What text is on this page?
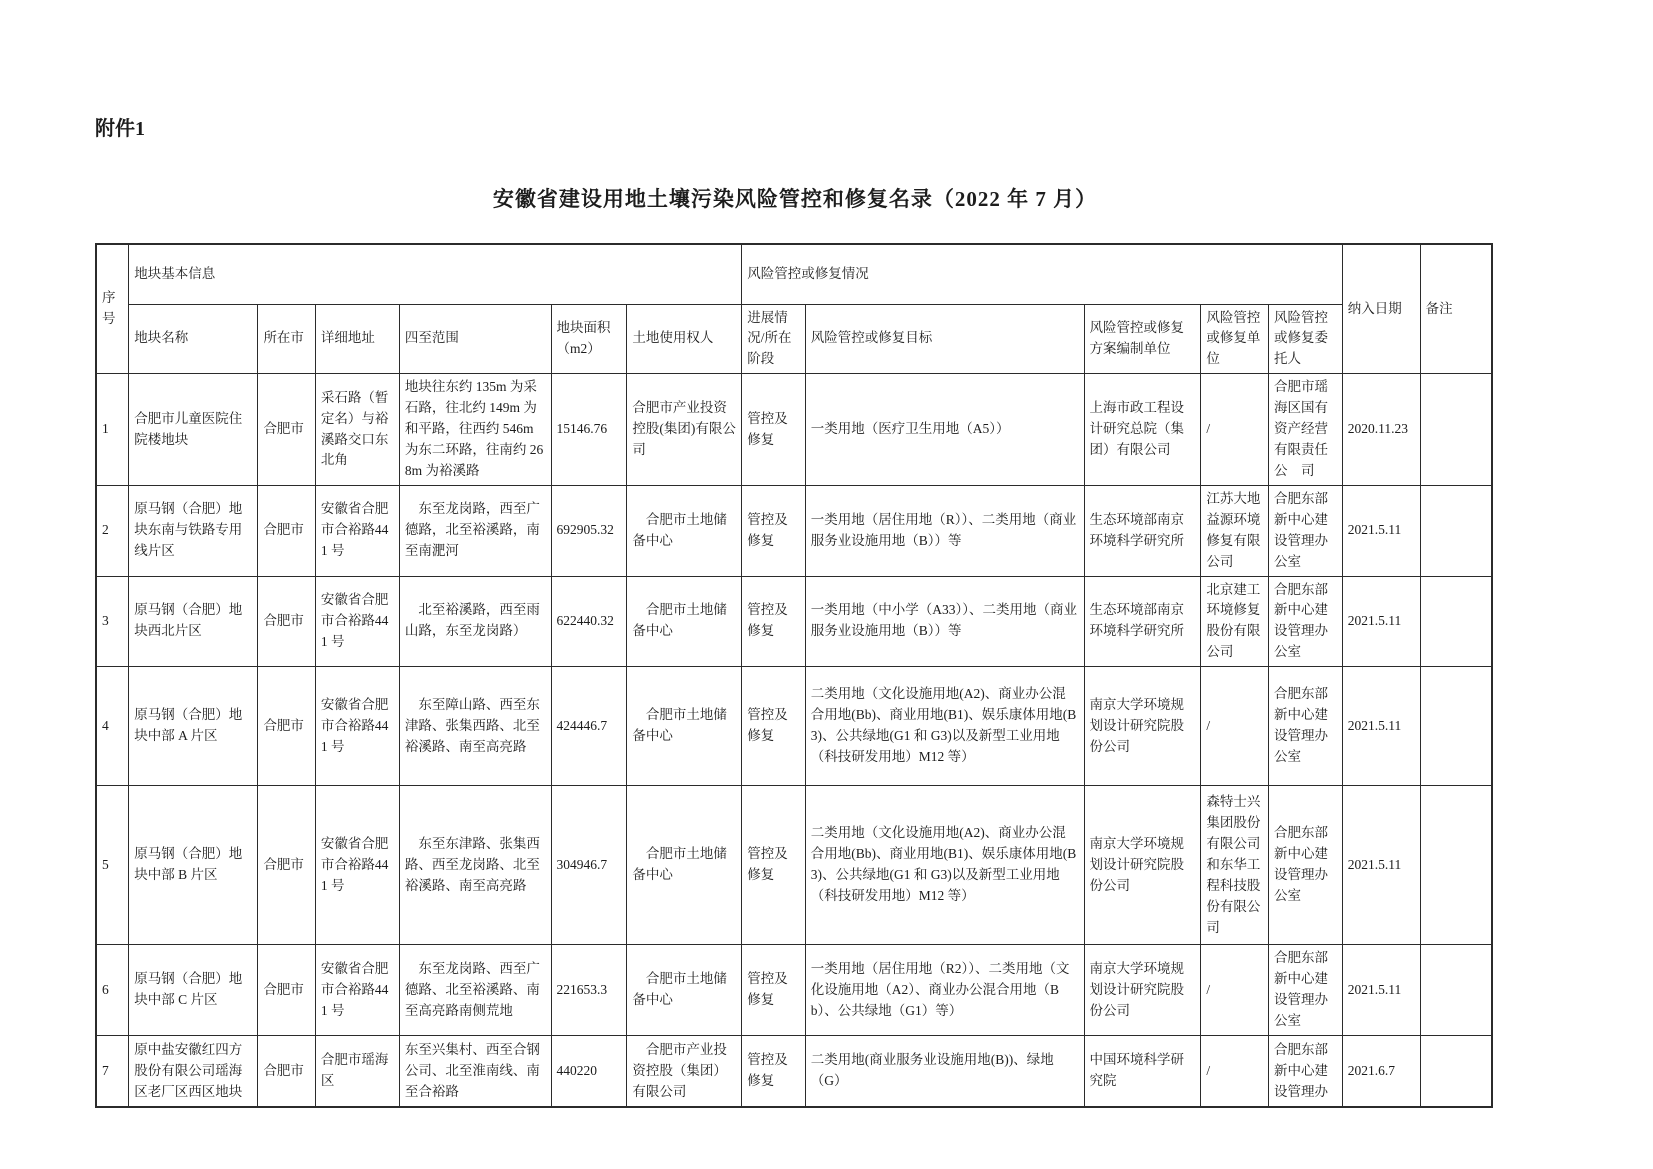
附件1

安徽省建设用地土壤污染风险管控和修复名录（2022 年 7 月）

序号	地块基本信息						风险管控或修复情况					纳入日期	备注
	地块名称	所在市	详细地址	四至范围	地块面积（m2）	土地使用权人	进展情况/所在阶段	风险管控或修复目标	风险管控或修复方案编制单位	风险管控或修复单位	风险管控或修复委托人		
1	合肥市儿童医院住院楼地块	合肥市	采石路（暂定名）与裕溪路交口东北角	地块往东约 135m 为采石路，往北约 149m 为和平路，往西约 546m 为东二环路，往南约 268m 为裕溪路	15146.76	合肥市产业投资控股(集团)有限公司	管控及修复	一类用地（医疗卫生用地（A5））	上海市政工程设计研究总院（集团）有限公司	/	合肥市瑶海区国有资产经营有限责任公　司	2020.11.23	
2	原马钢（合肥）地块东南与铁路专用线片区	合肥市	安徽省合肥市合裕路441 号	　东至龙岗路，西至广德路，北至裕溪路，南至南淝河	692905.32	　合肥市土地储备中心	管控及修复	一类用地（居住用地（R））、二类用地（商业服务业设施用地（B））等	生态环境部南京环境科学研究所	江苏大地益源环境修复有限公司	合肥东部新中心建设管理办公室	2021.5.11	
3	原马钢（合肥）地块西北片区	合肥市	安徽省合肥市合裕路441 号	　北至裕溪路，西至雨山路，东至龙岗路）	622440.32	　合肥市土地储备中心	管控及修复	一类用地（中小学（A33））、二类用地（商业服务业设施用地（B））等	生态环境部南京环境科学研究所	北京建工环境修复股份有限公司	合肥东部新中心建设管理办公室	2021.5.11	
4	原马钢（合肥）地块中部 A 片区	合肥市	安徽省合肥市合裕路441 号	　东至障山路、西至东津路、张集西路、北至裕溪路、南至高亮路	424446.7	　合肥市土地储备中心	管控及修复	二类用地（文化设施用地(A2)、商业办公混合用地(Bb)、商业用地(B1)、娱乐康体用地(B3)、公共绿地(G1 和 G3)以及新型工业用地（科技研发用地）M12 等）	南京大学环境规划设计研究院股份公司	/	合肥东部新中心建设管理办公室	2021.5.11	
5	原马钢（合肥）地块中部 B 片区	合肥市	安徽省合肥市合裕路441 号	　东至东津路、张集西路、西至龙岗路、北至裕溪路、南至高亮路	304946.7	　合肥市土地储备中心	管控及修复	二类用地（文化设施用地(A2)、商业办公混合用地(Bb)、商业用地(B1)、娱乐康体用地(B3)、公共绿地(G1 和 G3)以及新型工业用地（科技研发用地）M12 等）	南京大学环境规划设计研究院股份公司	森特士兴集团股份有限公司和东华工程科技股份有限公司	合肥东部新中心建设管理办公室	2021.5.11	
6	原马钢（合肥）地块中部 C 片区	合肥市	安徽省合肥市合裕路441 号	　东至龙岗路、西至广德路、北至裕溪路、南至高亮路南侧荒地	221653.3	　合肥市土地储备中心	管控及修复	一类用地（居住用地（R2））、二类用地（文化设施用地（A2）、商业办公混合用地（Bb）、公共绿地（G1）等）	南京大学环境规划设计研究院股份公司	/	合肥东部新中心建设管理办公室	2021.5.11	
7	原中盐安徽红四方股份有限公司瑶海区老厂区西区地块	合肥市	合肥市瑶海区	东至兴集村、西至合钢公司、北至淮南线、南至合裕路	440220	　合肥市产业投资控股（集团）有限公司	管控及修复	二类用地(商业服务业设施用地(B))、绿地（G）	中国环境科学研究院	/	合肥东部新中心建设管理办	2021.6.7	
